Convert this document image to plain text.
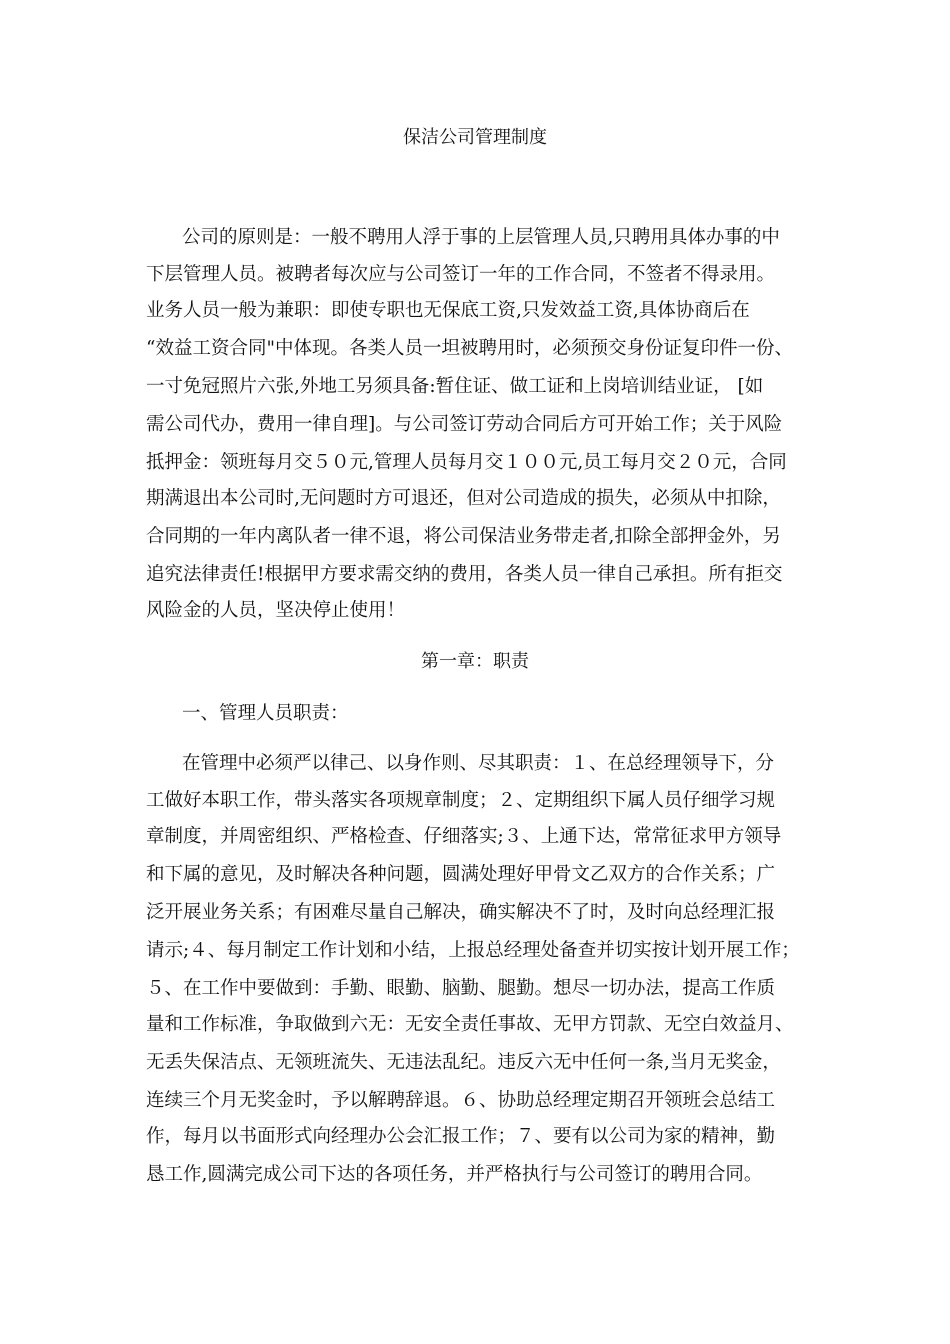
保洁公司管理制度
公司的原则是：一般不聘用人浮于事的上层管理人员,只聘用具体办事的中
下层管理人员。被聘者每次应与公司签订一年的工作合同，不签者不得录用。
业务人员一般为兼职：即使专职也无保底工资,只发效益工资,具体协商后在
“效益工资合同"中体现。各类人员一坦被聘用时，必须预交身份证复印件一份、
一寸免冠照片六张,外地工另须具备:暂住证、做工证和上岗培训结业证， [如
需公司代办，费用一律自理]。与公司签订劳动合同后方可开始工作；关于风险
抵押金：领班每月交５０元,管理人员每月交１００元,员工每月交２０元，合同
期满退出本公司时,无问题时方可退还，但对公司造成的损失，必须从中扣除，
合同期的一年内离队者一律不退，将公司保洁业务带走者,扣除全部押金外，另
追究法律责任!根据甲方要求需交纳的费用，各类人员一律自己承担。所有拒交
风险金的人员，坚决停止使用！
第一章：职责
一、管理人员职责：
在管理中必须严以律己、以身作则、尽其职责：１、在总经理领导下，分
工做好本职工作，带头落实各项规章制度；２、定期组织下属人员仔细学习规
章制度，并周密组织、严格检查、仔细落实;３、上通下达，常常征求甲方领导
和下属的意见，及时解决各种问题，圆满处理好甲骨文乙双方的合作关系；广
泛开展业务关系；有困难尽量自己解决，确实解决不了时，及时向总经理汇报
请示;４、每月制定工作计划和小结，上报总经理处备查并切实按计划开展工作；
５、在工作中要做到：手勤、眼勤、脑勤、腿勤。想尽一切办法，提高工作质
量和工作标准，争取做到六无：无安全责任事故、无甲方罚款、无空白效益月、
无丢失保洁点、无领班流失、无违法乱纪。违反六无中任何一条,当月无奖金，
连续三个月无奖金时，予以解聘辞退。６、协助总经理定期召开领班会总结工
作，每月以书面形式向经理办公会汇报工作；７、要有以公司为家的精神，勤
恳工作,圆满完成公司下达的各项任务，并严格执行与公司签订的聘用合同。
